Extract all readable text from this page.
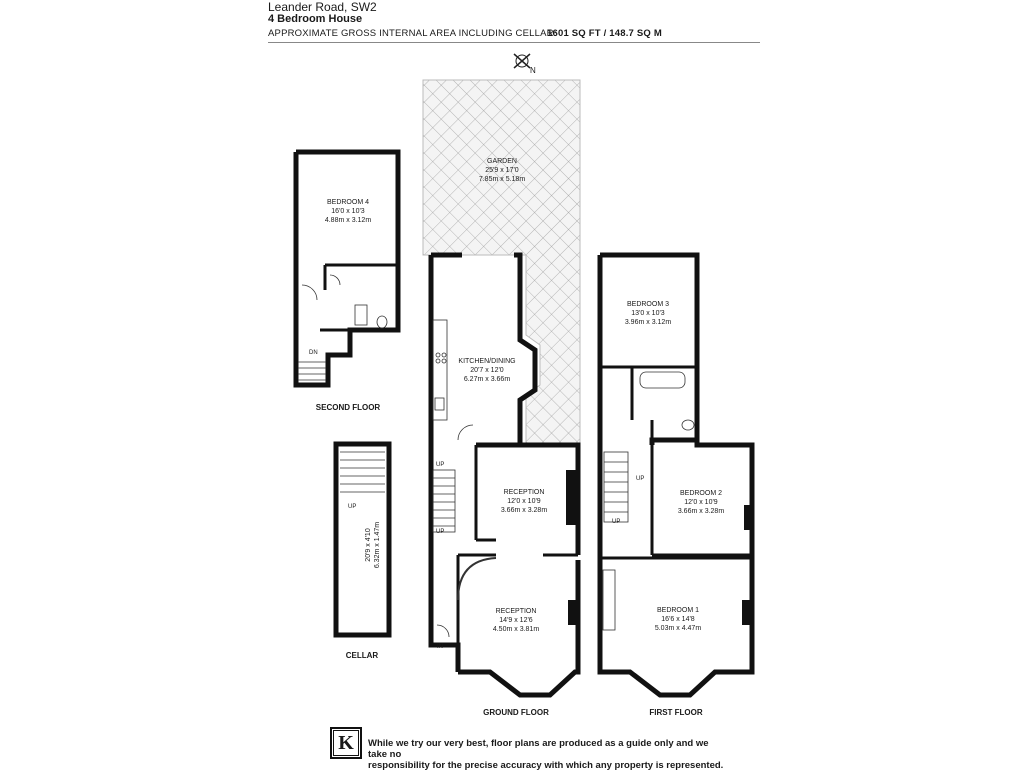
Leander Road, SW2
4 Bedroom House
APPROXIMATE GROSS INTERNAL AREA INCLUDING CELLAR:
1601 SQ FT / 148.7 SQ M
N
GARDEN
25'9 x 17'0
7.85m x 5.18m
UP
UP
IN
KITCHEN/DINING
20'7 x 12'0
6.27m x 3.66m
RECEPTION
12'0 x 10'9
3.66m x 3.28m
RECEPTION
14'9 x 12'6
4.50m x 3.81m
GROUND FLOOR
DN
BEDROOM 4
16'0 x 10'3
4.88m x 3.12m
SECOND FLOOR
UP
20'9 x 4'10 6.32m x 1.47m
CELLAR
UP
UP
BEDROOM 3
13'0 x 10'3
3.96m x 3.12m
BEDROOM 2
12'0 x 10'9
3.66m x 3.28m
BEDROOM 1
16'6 x 14'8
5.03m x 4.47m
FIRST FLOOR
K	While we try our very best, floor plans are produced as a guide only and we take no
responsibility for the precise accuracy with which any property is represented.
